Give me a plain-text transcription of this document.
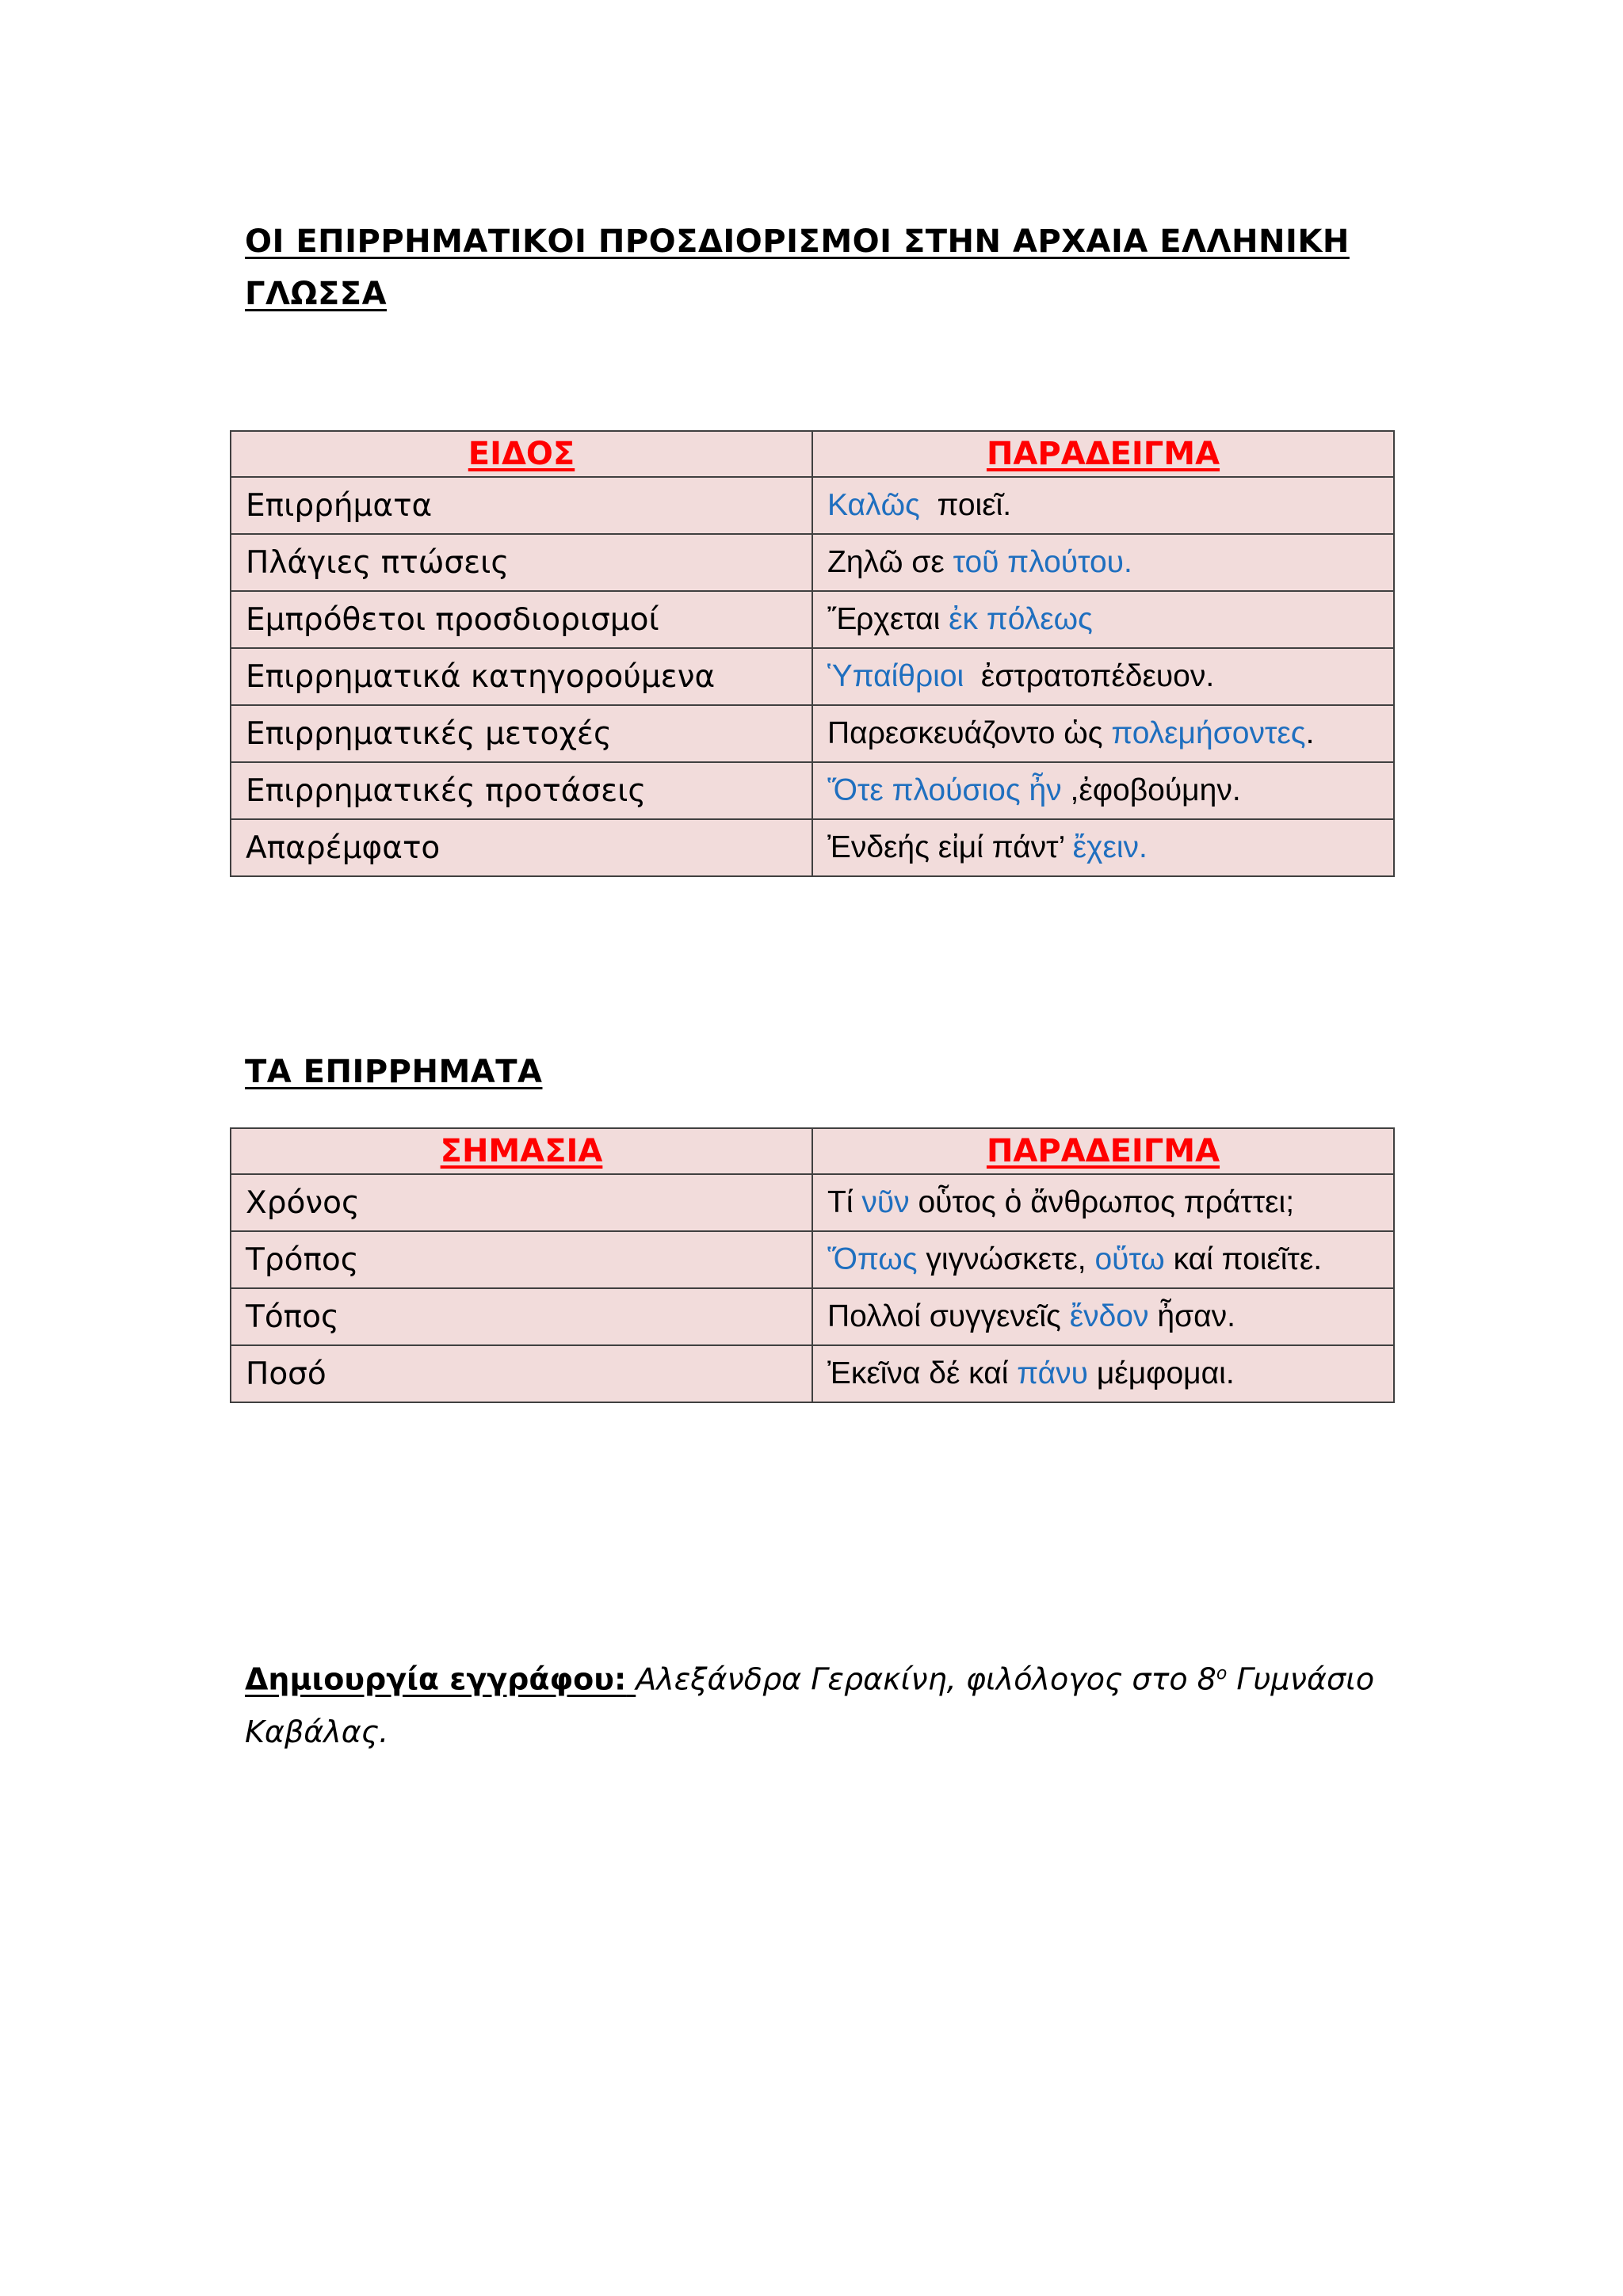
ΟΙ ΕΠΙΡΡΗΜΑΤΙΚΟΙ ΠΡΟΣΔΙΟΡΙΣΜΟΙ ΣΤΗΝ ΑΡΧΑΙΑ ΕΛΛΗΝΙΚΗ ΓΛΩΣΣΑ
ΕΙΔΟΣ	ΠΑΡΑΔΕΙΓΜΑ
Επιρρήματα	Καλῶς  ποιεῖ.
Πλάγιες πτώσεις	Ζηλῶ σε τοῦ πλούτου.
Εμπρόθετοι προσδιορισμοί	Ἔρχεται ἐκ πόλεως
Επιρρηματικά κατηγορούμενα	Ὑπαίθριοι  ἐστρατοπέδευον.
Επιρρηματικές μετοχές	Παρεσκευάζοντο ὡς πολεμήσοντες.
Επιρρηματικές προτάσεις	Ὅτε πλούσιος ἦν ,ἐφοβούμην.
Απαρέμφατο	Ἐνδεής εἰμί πάντ’ ἔχειν.
ΤΑ ΕΠΙΡΡΗΜΑΤΑ
ΣΗΜΑΣΙΑ	ΠΑΡΑΔΕΙΓΜΑ
Χρόνος	Τί νῦν οὗτος ὁ ἄνθρωπος πράττει;
Τρόπος	Ὅπως γιγνώσκετε, οὕτω καί ποιεῖτε.
Τόπος	Πολλοί συγγενεῖς ἔνδον ἦσαν.
Ποσό	Ἐκεῖνα δέ καί πάνυ μέμφομαι.
Δημιουργία εγγράφου: Αλεξάνδρα Γερακίνη, φιλόλογος στο $8^o$ Γυμνάσιο Καβάλας.
